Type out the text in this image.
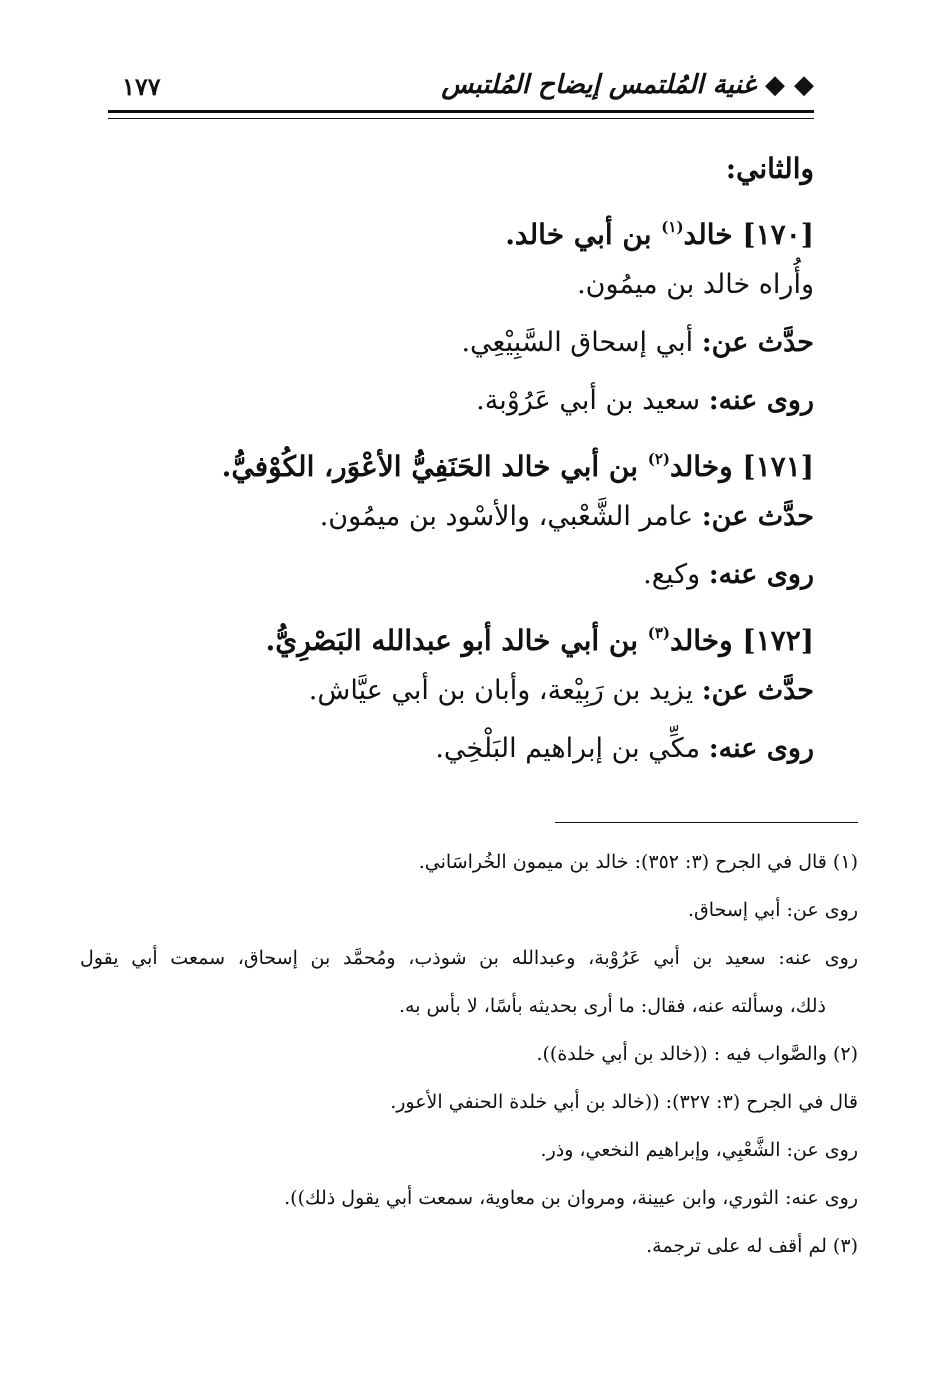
◆ ◆ غنية المُلتمس إيضاح المُلتبس
١٧٧
والثاني:
[١٧٠] خالد$^{(١)}$ بن أبي خالد.
وأُراه خالد بن ميمُون.
حدَّث عن: أبي إسحاق السَّبِيْعِي.
روى عنه: سعيد بن أبي عَرُوْبة.
[١٧١] وخالد$^{(٢)}$ بن أبي خالد الحَنَفِيُّ الأعْوَر، الكُوْفيُّ.
حدَّث عن: عامر الشَّعْبي، والأسْود بن ميمُون.
روى عنه: وكيع.
[١٧٢] وخالد$^{(٣)}$ بن أبي خالد أبو عبدالله البَصْرِيُّ.
حدَّث عن: يزيد بن رَبِيْعة، وأبان بن أبي عيَّاش.
روى عنه: مكِّي بن إبراهيم البَلْخِي.
(١) قال في الجرح (٣: ٣٥٢): خالد بن ميمون الخُراسَاني.
روى عن: أبي إسحاق.
روى عنه: سعيد بن أبي عَرُوْبة، وعبدالله بن شوذب، ومُحمَّد بن إسحاق، سمعت أبي يقول
ذلك، وسألته عنه، فقال: ما أرى بحديثه بأسًا، لا بأس به.
(٢) والصَّواب فيه : ((خالد بن أبي خلدة)).
قال في الجرح (٣: ٣٢٧): ((خالد بن أبي خلدة الحنفي الأعور.
روى عن: الشَّعْبِي، وإبراهيم النخعي، وذر.
روى عنه: الثوري، وابن عيينة، ومروان بن معاوية، سمعت أبي يقول ذلك)).
(٣) لم أقف له على ترجمة.
